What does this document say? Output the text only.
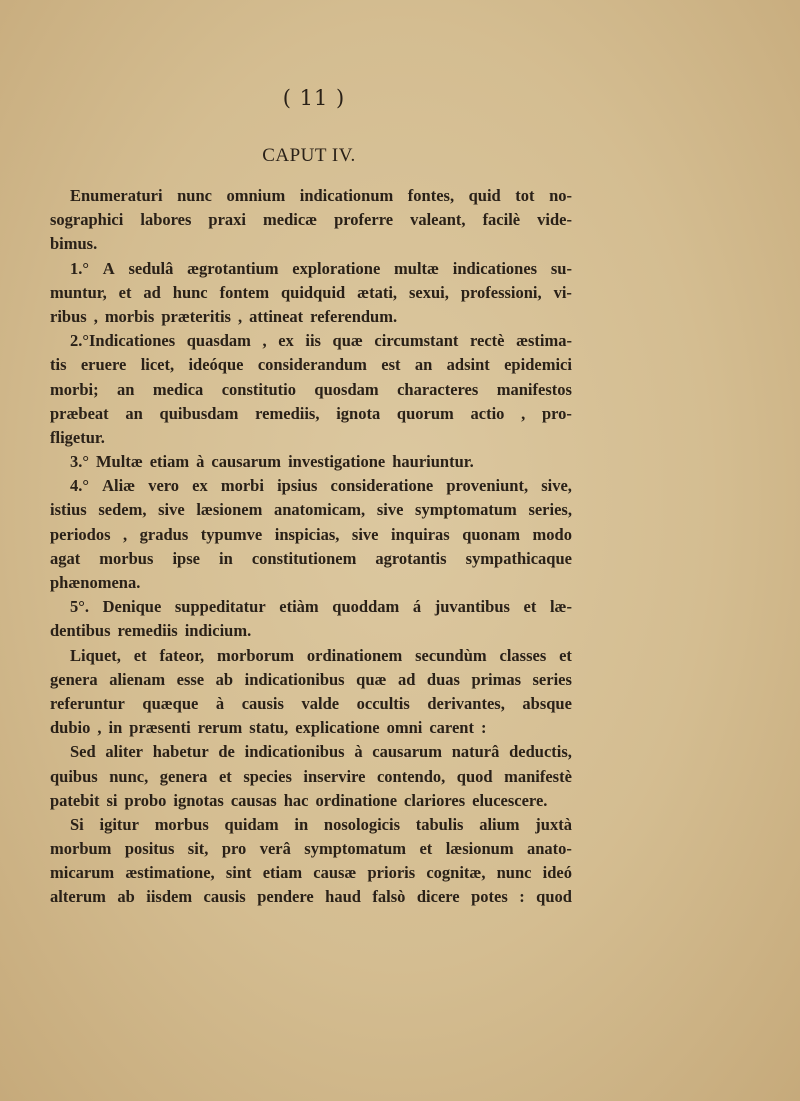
( 11 )
CAPUT IV.
Enumeraturi nunc omnium indicationum fontes, quid tot no-
sographici labores praxi medicæ proferre valeant, facilè vide-
bimus.
1.° A sedulâ ægrotantium exploratione multæ indicationes su-
muntur, et ad hunc fontem quidquid ætati, sexui, professioni, vi-
ribus , morbis præteritis , attineat referendum.
2.°Indicationes quasdam , ex iis quæ circumstant rectè æstima-
tis eruere licet, ideóque considerandum est an adsint epidemici
morbi; an medica constitutio quosdam characteres manifestos
præbeat an quibusdam remediis, ignota quorum actio , pro-
fligetur.
3.° Multæ etiam à causarum investigatione hauriuntur.
4.° Aliæ vero ex morbi ipsius consideratione proveniunt, sive,
istius sedem, sive læsionem anatomicam, sive symptomatum series,
periodos , gradus typumve inspicias, sive inquiras quonam modo
agat morbus ipse in constitutionem agrotantis sympathicaque
phænomena.
5°. Denique suppeditatur etiàm quoddam á juvantibus et læ-
dentibus remediis indicium.
Liquet, et fateor, morborum ordinationem secundùm classes et
genera alienam esse ab indicationibus quæ ad duas primas series
referuntur quæque à causis valde occultis derivantes, absque
dubio , in præsenti rerum statu, explicatione omni carent :
Sed aliter habetur de indicationibus à causarum naturâ deductis,
quibus nunc, genera et species inservire contendo, quod manifestè
patebit si probo ignotas causas hac ordinatione clariores elucescere.
Si igitur morbus quidam in nosologicis tabulis alium juxtà
morbum positus sit, pro verâ symptomatum et læsionum anato-
micarum æstimatione, sint etiam causæ prioris cognitæ, nunc ideó
alterum ab iisdem causis pendere haud falsò dicere potes : quod
